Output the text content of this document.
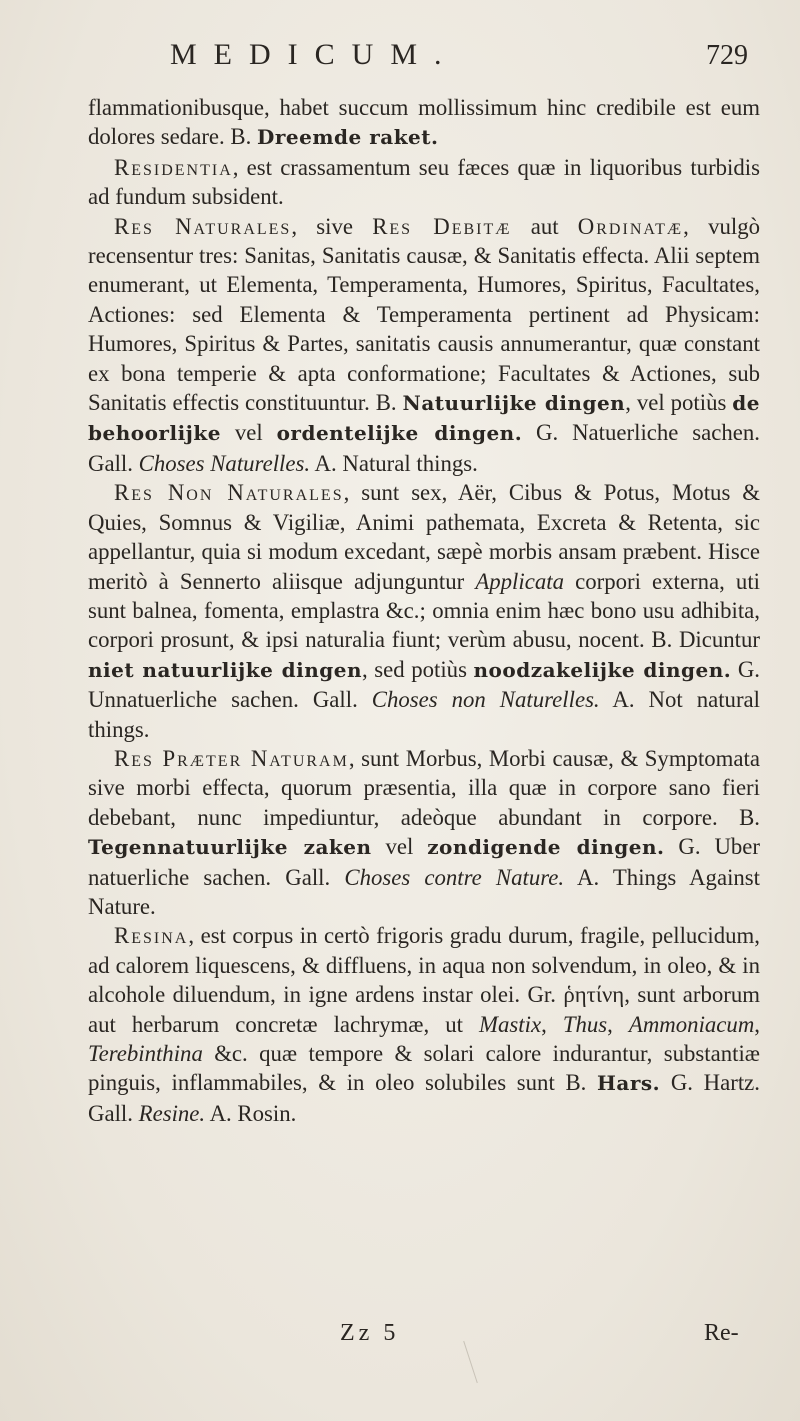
MEDICUM.	729

flammationibusque, habet succum mollissimum hinc credibile est eum dolores sedare. B. Dreemde raket.

Residentia, est crassamentum seu fæces quæ in liquoribus turbidis ad fundum subsident.

Res Naturales, sive Res Debitæ aut Ordinatæ, vulgò recensentur tres: Sanitas, Sanitatis causæ, & Sanitatis effecta. Alii septem enumerant, ut Elementa, Temperamenta, Humores, Spiritus, Facultates, Actiones: sed Elementa & Temperamenta pertinent ad Physicam: Humores, Spiritus & Partes, sanitatis causis annumerantur, quæ constant ex bona temperie & apta conformatione; Facultates & Actiones, sub Sanitatis effectis constituuntur. B. Natuurlijke dingen, vel potiùs de behoorlijke vel ordentelijke dingen. G. Natuerliche sachen. Gall. Choses Naturelles. A. Natural things.

Res Non Naturales, sunt sex, Aër, Cibus & Potus, Motus & Quies, Somnus & Vigiliæ, Animi pathemata, Excreta & Retenta, sic appellantur, quia si modum excedant, sæpè morbis ansam præbent. Hisce meritò à Sennerto aliisque adjunguntur Applicata corpori externa, uti sunt balnea, fomenta, emplastra &c.; omnia enim hæc bono usu adhibita, corpori prosunt, & ipsi naturalia fiunt; verùm abusu, nocent. B. Dicuntur niet natuurlijke dingen, sed potiùs noodzakelijke dingen. G. Unnatuerliche sachen. Gall. Choses non Naturelles. A. Not natural things.

Res Præter Naturam, sunt Morbus, Morbi causæ, & Symptomata sive morbi effecta, quorum præsentia, illa quæ in corpore sano fieri debebant, nunc impediuntur, adeòque abundant in corpore. B. Tegennatuurlijke zaken vel zondigende dingen. G. Uber natuerliche sachen. Gall. Choses contre Nature. A. Things Against Nature.

Resina, est corpus in certò frigoris gradu durum, fragile, pellucidum, ad calorem liquescens, & diffluens, in aqua non solvendum, in oleo, & in alcohole diluendum, in igne ardens instar olei. Gr. ῥητίνη, sunt arborum aut herbarum concretæ lachrymæ, ut Mastix, Thus, Ammoniacum, Terebinthina &c. quæ tempore & solari calore indurantur, substantiæ pinguis, inflammabiles, & in oleo solubiles sunt B. Hars. G. Hartz. Gall. Resine. A. Rosin.

Zz 5	Re-
